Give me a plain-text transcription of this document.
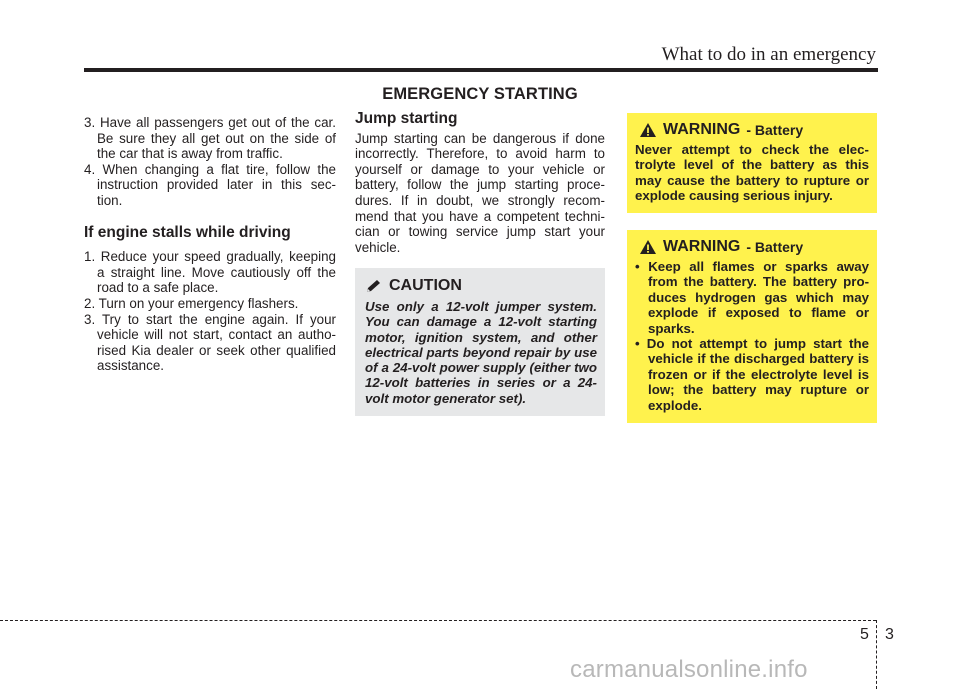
What to do in an emergency
EMERGENCY STARTING
3. Have all passengers get out of the car. Be sure they all get out on the side of the car that is away from traffic.
4. When changing a flat tire, follow the instruction provided later in this sec- tion.
If engine stalls while driving
1. Reduce your speed gradually, keeping a straight line. Move cautiously off the road to a safe place.
2. Turn on your emergency flashers.
3. Try to start the engine again. If your vehicle will not start, contact an autho- rised Kia dealer or seek other qualified assistance.
Jump starting

Jump starting can be dangerous if done incorrectly. Therefore, to avoid harm to yourself or damage to your vehicle or battery, follow the jump starting proce- dures. If in doubt, we strongly recom- mend that you have a competent techni- cian or towing service jump start your vehicle.

CAUTION
Use only a 12-volt jumper system. You can damage a 12-volt starting motor, ignition system, and other electrical parts beyond repair by use of a 24-volt power supply (either two 12-volt batteries in series or a 24-volt motor generator set).
WARNING - Battery
Never attempt to check the elec- trolyte level of the battery as this may cause the battery to rupture or explode causing serious injury.
WARNING - Battery
• Keep all flames or sparks away from the battery. The battery pro- duces hydrogen gas which may explode if exposed to flame or sparks.
• Do not attempt to jump start the vehicle if the discharged battery is frozen or if the electrolyte level is low; the battery may rupture or explode.
5 3
carmanualsonline.info
